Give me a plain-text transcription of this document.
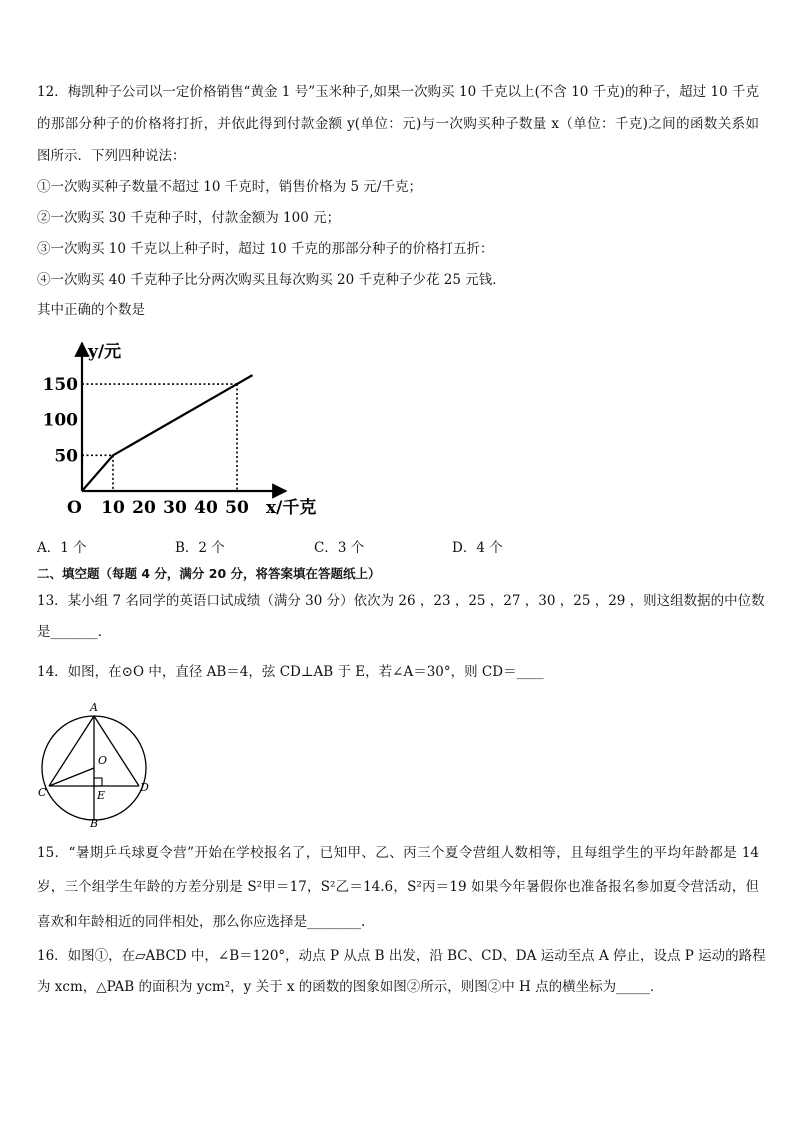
12．梅凯种子公司以一定价格销售“黄金 1 号”玉米种子,如果一次购买 10 千克以上(不含 10 千克)的种子，超过 10 千克
的那部分种子的价格将打折，并依此得到付款金额 y(单位：元)与一次购买种子数量 x（单位：千克)之间的函数关系如
图所示．下列四种说法：
①一次购买种子数量不超过 10 千克时，销售价格为 5 元/千克；
②一次购买 30 千克种子时，付款金额为 100 元；
③一次购买 10 千克以上种子时，超过 10 千克的那部分种子的价格打五折：
④一次购买 40 千克种子比分两次购买且每次购买 20 千克种子少花 25 元钱．
其中正确的个数是
y/元
x/千克
O 10 20 30 40 50
50
100
150
A．1 个	B．2 个	C．3 个	D．4 个
二、填空题（每题 4 分，满分 20 分，将答案填在答题纸上）
13．某小组 7 名同学的英语口试成绩（满分 30 分）依次为 26 ，23 ，25 ，27 ，30 ，25 ，29 ，则这组数据的中位数
是_______．
14．如图，在⊙O 中，直径 AB＝4，弦 CD⊥AB 于 E，若∠A＝30°，则 CD＝____
A
O
C	D
E
B
15．“暑期乒乓球夏令营”开始在学校报名了，已知甲、乙、丙三个夏令营组人数相等，且每组学生的平均年龄都是 14
岁，三个组学生年龄的方差分别是 S²甲＝17，S²乙＝14.6，S²丙＝19 如果今年暑假你也准备报名参加夏令营活动，但
喜欢和年龄相近的同伴相处，那么你应选择是________.
16．如图①，在▱ABCD 中，∠B＝120°，动点 P 从点 B 出发，沿 BC、CD、DA 运动至点 A 停止，设点 P 运动的路程
为 xcm，△PAB 的面积为 ycm²，y 关于 x 的函数的图象如图②所示，则图②中 H 点的横坐标为_____．
